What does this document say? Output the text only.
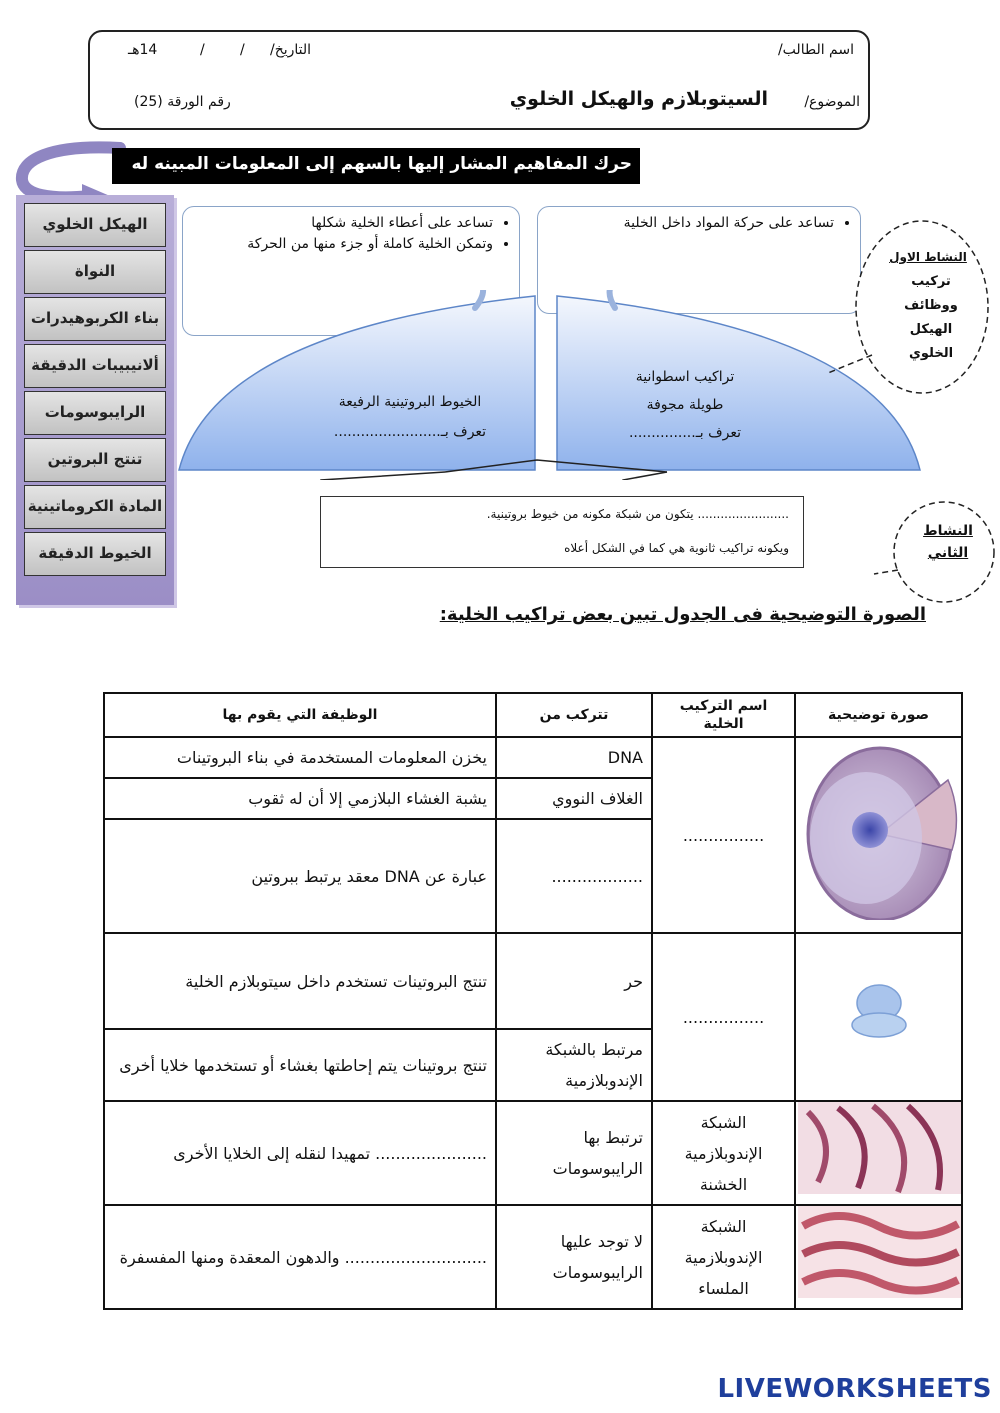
اسم الطالب/
التاريخ/
/
/
14هـ
الموضوع/
السيتوبلازم والهيكل الخلوي
رقم الورقة (25)
حرك المفاهيم المشار إليها بالسهم إلى المعلومات المبينه له
الهيكل الخلوي
النواة
بناء الكربوهيدرات
ألانيبيبات الدقيقة
الرايبوسومات
تنتج البروتين
المادة الكروماتينية
الخيوط الدقيقة
• تساعد على أعطاء الخلية شكلها
• وتمكن الخلية كاملة أو جزء منها من الحركة
• تساعد على حركة المواد داخل الخلية
الخيوط البروتينية الرفيعة
تعرف بـ........................
تراكيب اسطوانية
طويلة مجوفة
تعرف بـ...............
........................ يتكون من شبكة مكونه من خيوط بروتينية.
ويكونه تراكيب ثانوية هي كما في الشكل أعلاه
النشاط الاول
تركيب ووظائف الهيكل الخلوي
النشاط الثاني
الصورة التوضيحية فى الجدول تبين بعض تراكيب الخلية:
صورة توضيحية	اسم التركيب الخلية	تتركب من	الوظيفة التي يقوم بها
	................	DNA	يخزن المعلومات المستخدمة في بناء البروتينات
		الغلاف النووي	يشبة الغشاء البلازمي إلا أن له ثقوب
		..................	عبارة عن DNA معقد يرتبط ببروتين
	................	حر	تنتج البروتينات تستخدم داخل سيتوبلازم الخلية
		مرتبط بالشبكة الإندوبلازمية	تنتج بروتينات يتم إحاطتها بغشاء أو تستخدمها خلايا أخرى
	الشبكة الإندوبلازمية الخشنة	ترتبط بها الرايبوسومات	...................... تمهيدا لنقله إلى الخلايا الأخرى
	الشبكة الإندوبلازمية الملساء	لا توجد عليها الرايبوسومات	............................ والدهون المعقدة ومنها المفسفرة
LIVEWORKSHEETS
